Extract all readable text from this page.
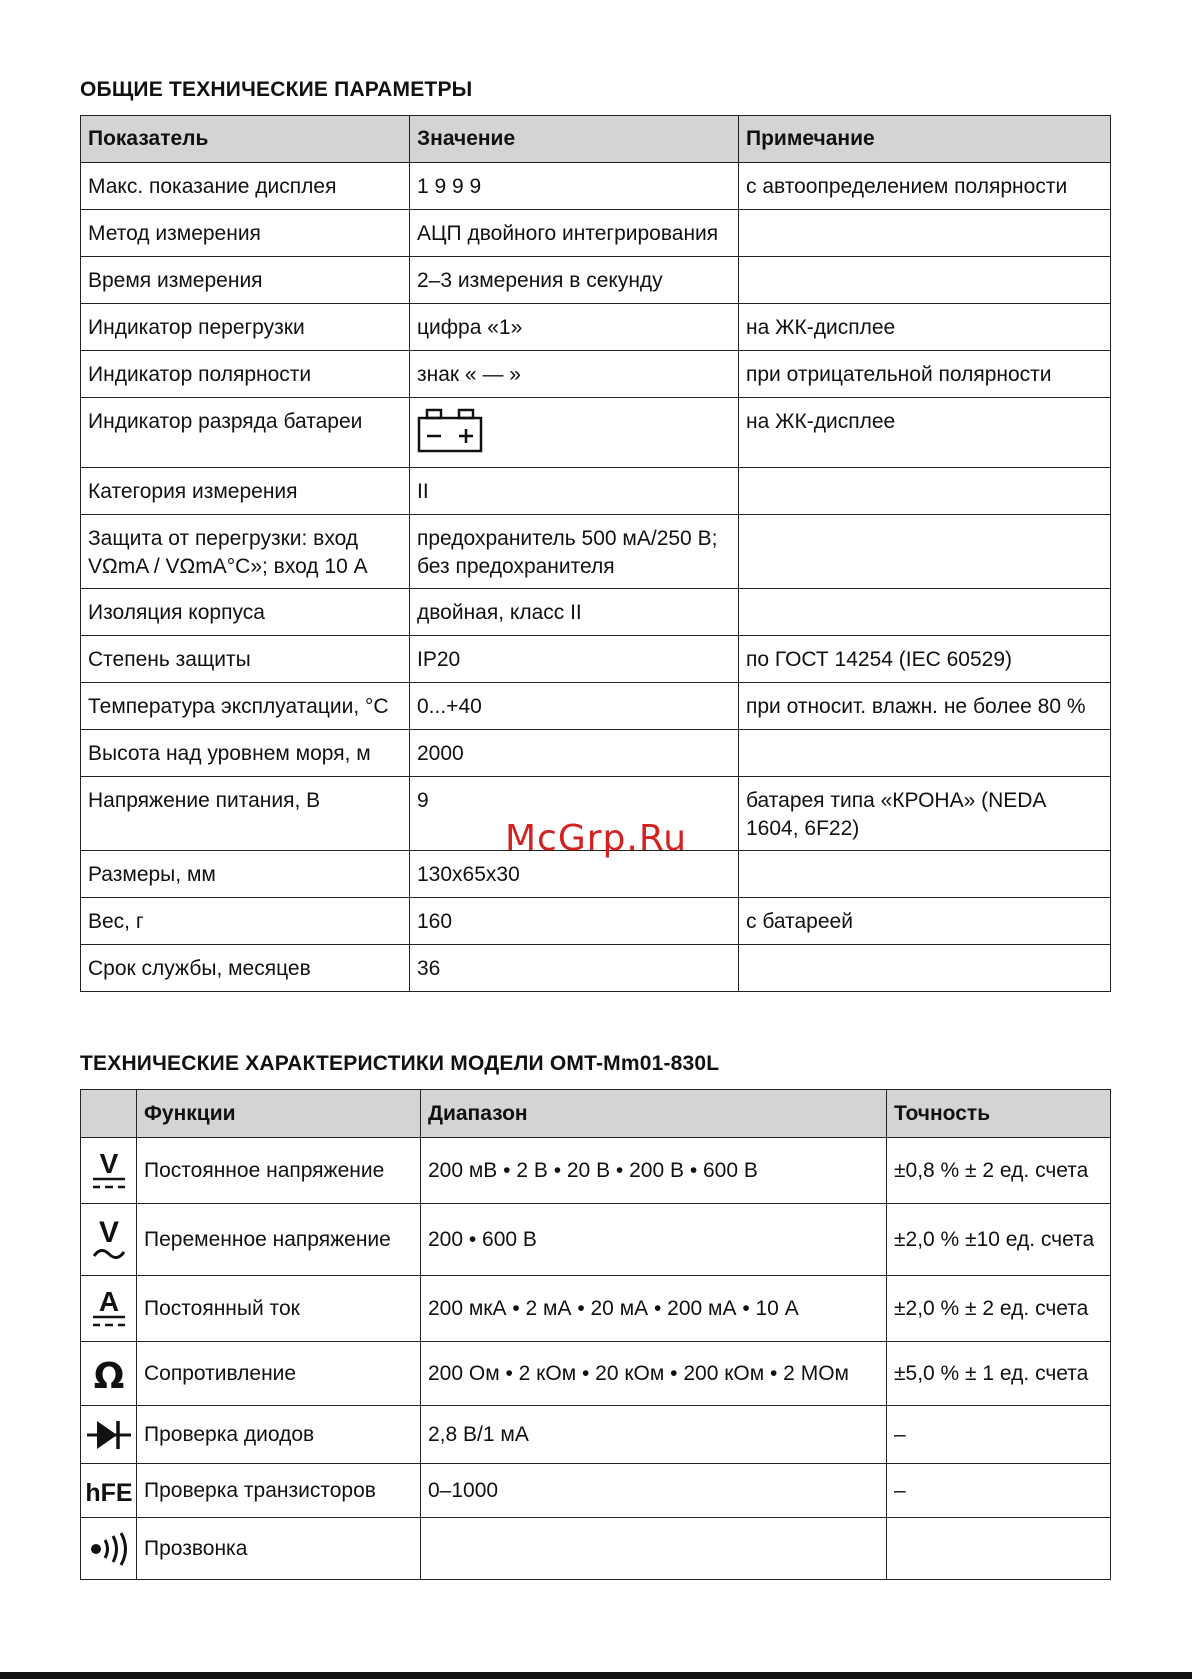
ОБЩИЕ ТЕХНИЧЕСКИЕ ПАРАМЕТРЫ
Показатель	Значение	Примечание
Макс. показание дисплея	1 9 9 9	с автоопределением полярности
Метод измерения	АЦП двойного интегрирования	
Время измерения	2–3 измерения в секунду	
Индикатор перегрузки	цифра «1»	на ЖК-дисплее
Индикатор полярности	знак « — »	при отрицательной полярности
Индикатор разряда батареи		на ЖК-дисплее
Категория измерения	II	
Защита от перегрузки: вход VΩmA / VΩmA°C»; вход 10 А	предохранитель 500 мА/250 В; без предохранителя	
Изоляция корпуса	двойная, класс II	
Степень защиты	IP20	по ГОСТ 14254 (IEC 60529)
Температура эксплуатации, °С	0...+40	при относит. влажн. не более 80 %
Высота над уровнем моря, м	2000	
Напряжение питания, В	9	батарея типа «КРОНА» (NEDA 1604, 6F22)
Размеры, мм	130x65x30	
Вес, г	160	с батареей
Срок службы, месяцев	36	
McGrp.Ru
ТЕХНИЧЕСКИЕ ХАРАКТЕРИСТИКИ МОДЕЛИ OMT-Mm01-830L
	Функции	Диапазон	Точность

V	Постоянное напряжение	200 мВ • 2 В • 20 В • 200 В • 600 В	±0,8 % ± 2 ед. счета

V	Переменное напряжение	200 • 600 В	±2,0 % ±10 ед. счета

A	Постоянный ток	200 мкА • 2 мА • 20 мА • 200 мА • 10 А	±2,0 % ± 2 ед. счета

Ω	Сопротивление	200 Ом • 2 кОм • 20 кОм • 200 кОм • 2 МОм	±5,0 % ± 1 ед. счета

	Проверка диодов	2,8 В/1 мА	–

hFE	Проверка транзисторов	0–1000	–

	Прозвонка		
